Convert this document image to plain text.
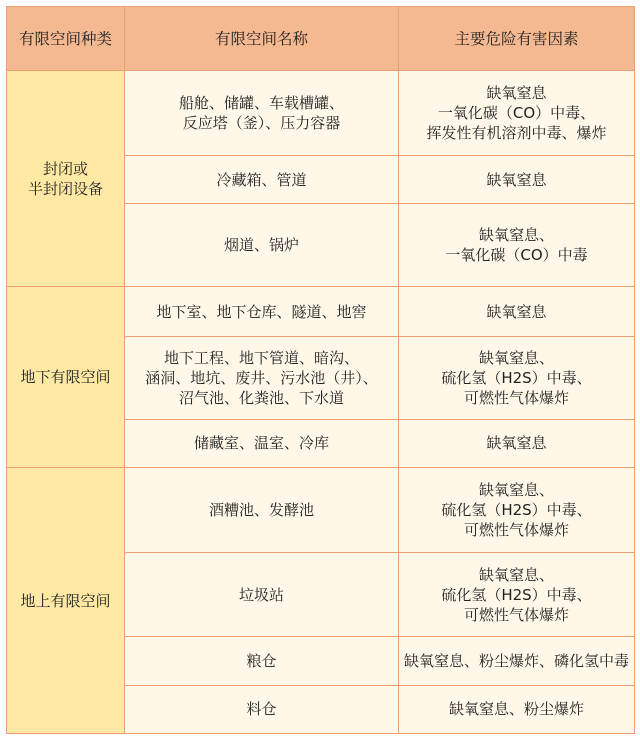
有限空间种类	有限空间名称	主要危险有害因素
封闭或
半封闭设备	船舱、储罐、车载槽罐、
反应塔（釜）、压力容器	缺氧窒息
一氧化碳（CO）中毒、
挥发性有机溶剂中毒、爆炸
	冷藏箱、管道	缺氧窒息
	烟道、锅炉	缺氧窒息、
一氧化碳（CO）中毒
地下有限空间	地下室、地下仓库、隧道、地窖	缺氧窒息
	地下工程、地下管道、暗沟、
涵洞、地坑、废井、污水池（井）、
沼气池、化粪池、下水道	缺氧窒息、
硫化氢（H2S）中毒、
可燃性气体爆炸
	储藏室、温室、冷库	缺氧窒息
地上有限空间	酒糟池、发酵池	缺氧窒息、
硫化氢（H2S）中毒、
可燃性气体爆炸
	垃圾站	缺氧窒息、
硫化氢（H2S）中毒、
可燃性气体爆炸
	粮仓	缺氧窒息、粉尘爆炸、磷化氢中毒
	料仓	缺氧窒息、粉尘爆炸
